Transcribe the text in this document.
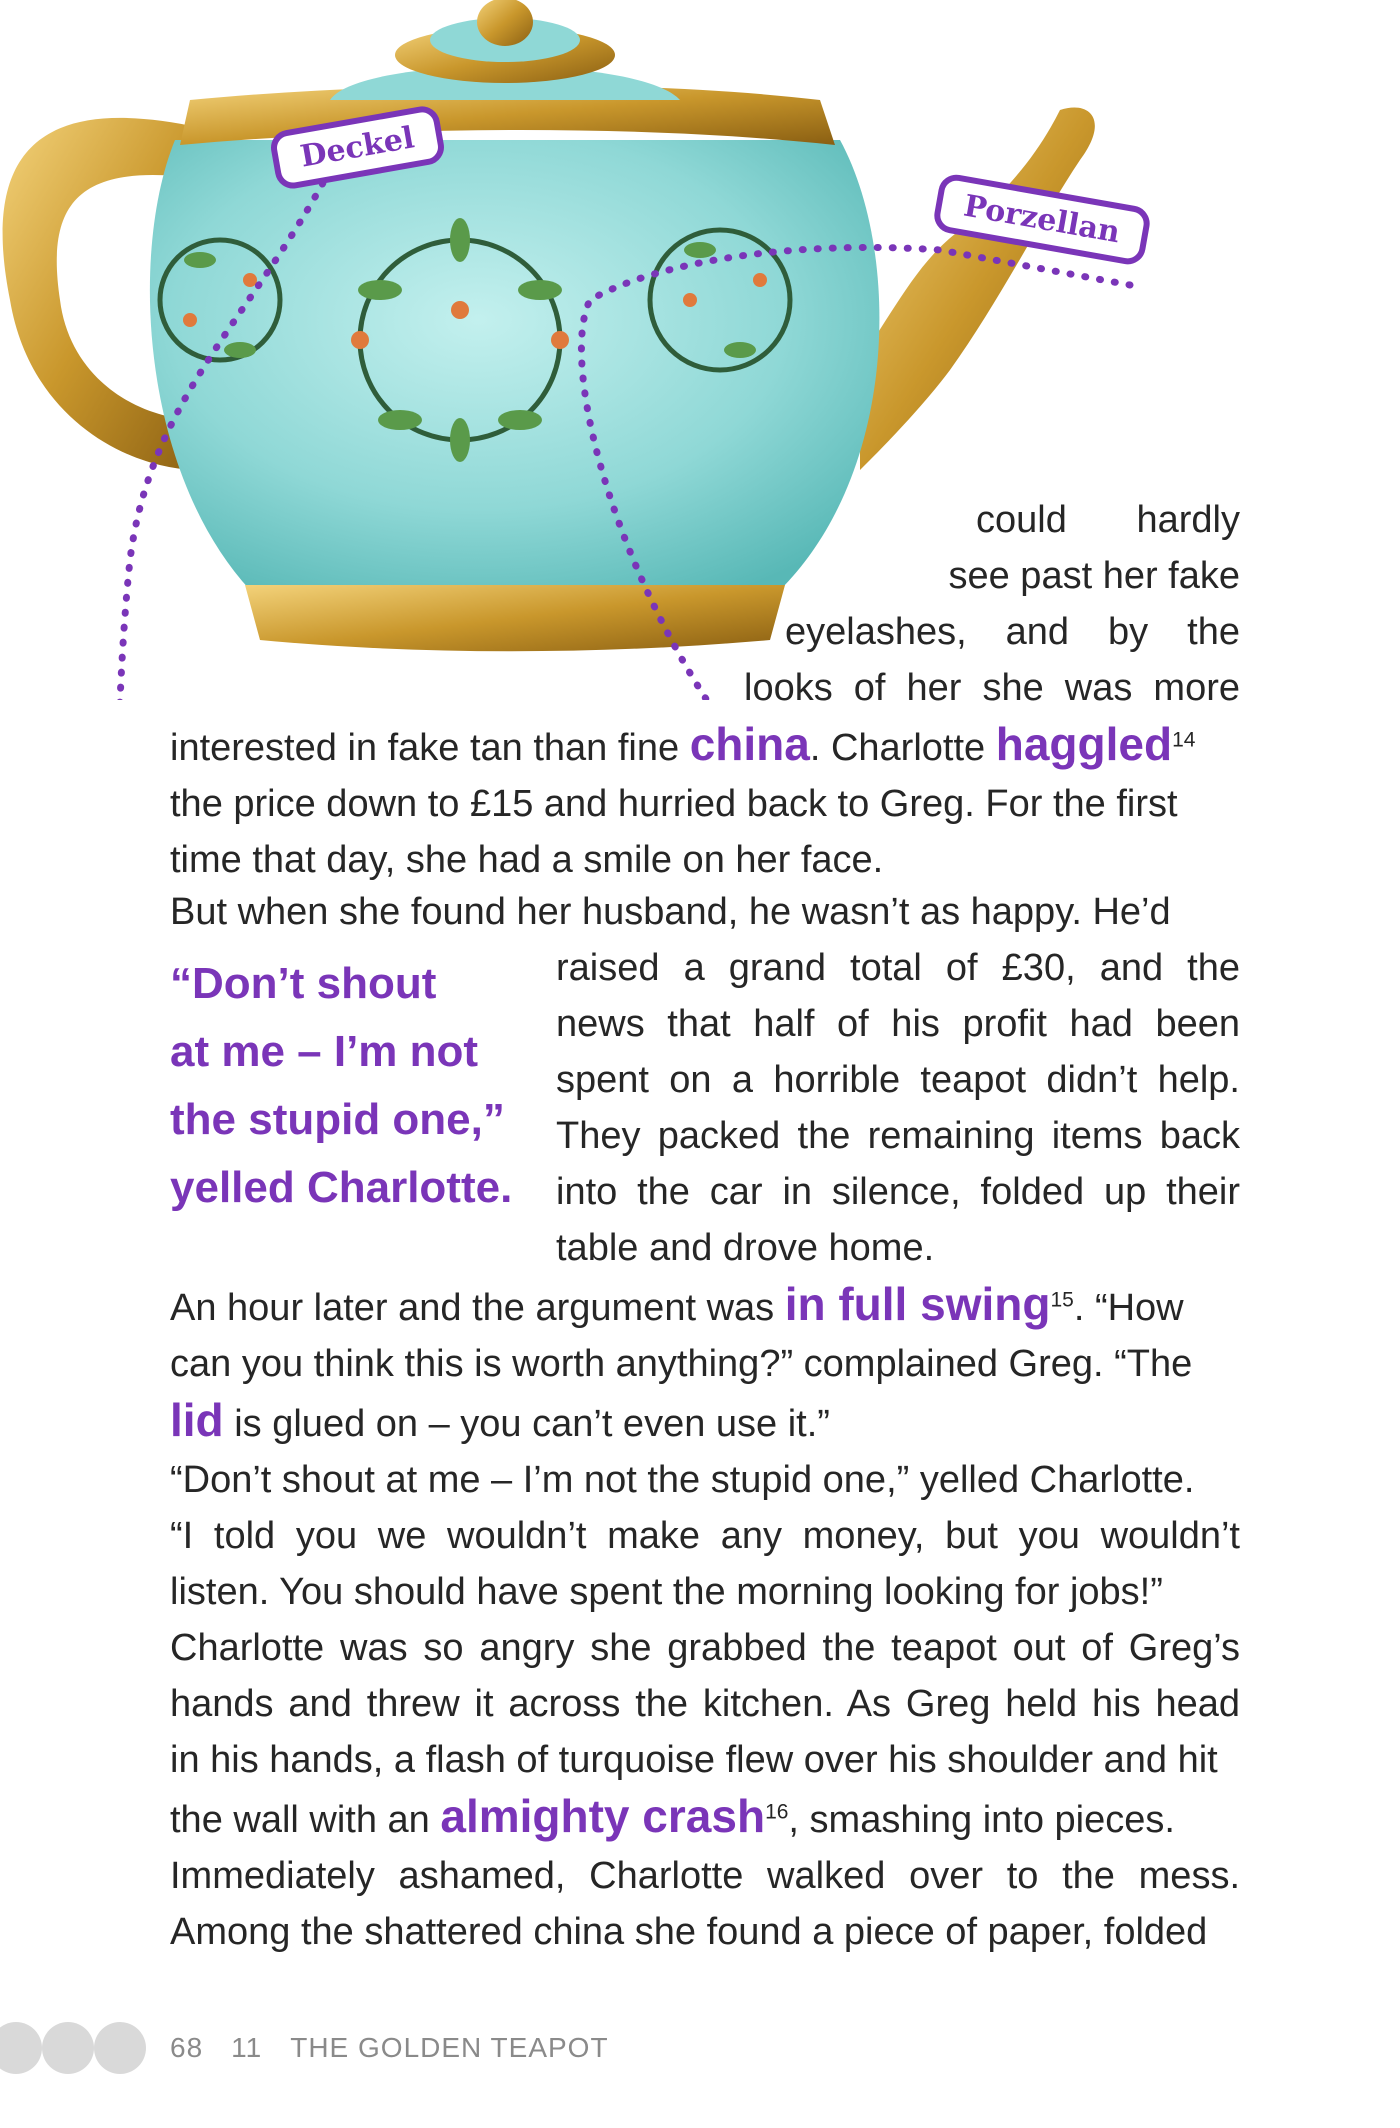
Deckel
Porzellan
could hardly
see past her fake
eyelashes, and by the
looks of her she was more
interested in fake tan than fine china. Charlotte haggled$^{14}$
the price down to £15 and hurried back to Greg. For the first
time that day, she had a smile on her face.
But when she found her husband, he wasn’t as happy. He’d
raised a grand total of £30, and the
news that half of his profit had been
spent on a horrible teapot didn’t help.
They packed the remaining items back
into the car in silence, folded up their
table and drove home.
“Don’t shout
at me – I’m not
the stupid one,”
yelled Charlotte.
An hour later and the argument was in full swing$^{15}$. “How
can you think this is worth anything?” complained Greg. “The
lid is glued on – you can’t even use it.”
“Don’t shout at me – I’m not the stupid one,” yelled Charlotte.
“I told you we wouldn’t make any money, but you wouldn’t
listen. You should have spent the morning looking for jobs!”
Charlotte was so angry she grabbed the teapot out of Greg’s
hands and threw it across the kitchen. As Greg held his head
in his hands, a flash of turquoise flew over his shoulder and hit
the wall with an almighty crash$^{16}$, smashing into pieces.
Immediately ashamed, Charlotte walked over to the mess.
Among the shattered china she found a piece of paper, folded
68 11 THE GOLDEN TEAPOT
